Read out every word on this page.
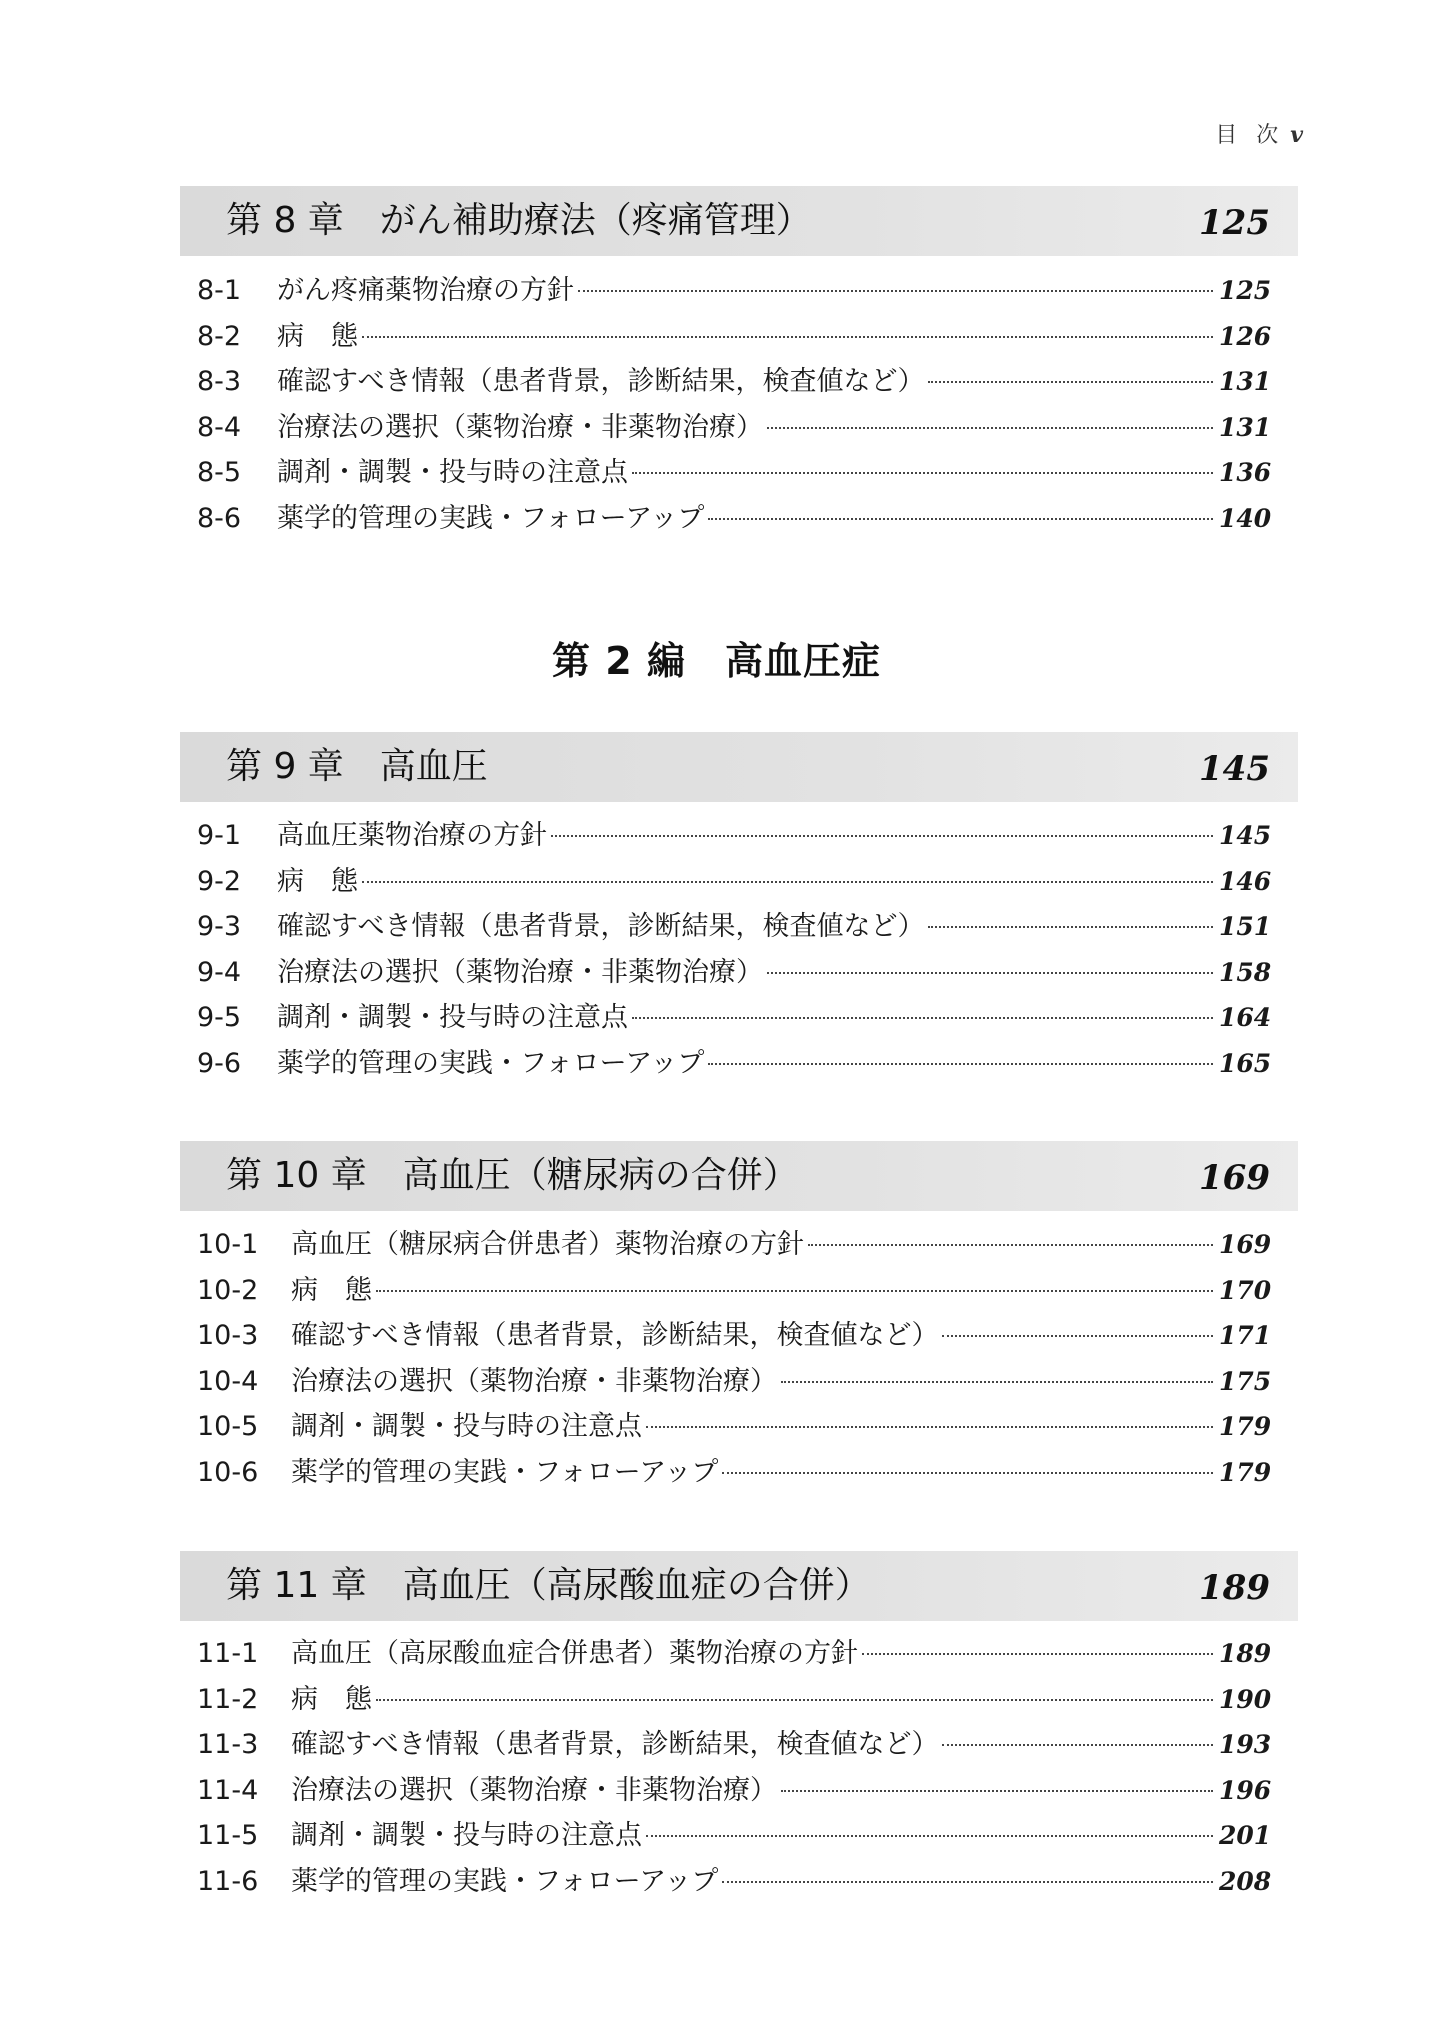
目 次 v
第 8 章　がん補助療法（疼痛管理）	125
8-1	がん疼痛薬物治療の方針	125
8-2	病　態	126
8-3	確認すべき情報（患者背景，診断結果，検査値など）	131
8-4	治療法の選択（薬物治療・非薬物治療）	131
8-5	調剤・調製・投与時の注意点	136
8-6	薬学的管理の実践・フォローアップ	140
第 2 編　高血圧症
第 9 章　高血圧	145
9-1	高血圧薬物治療の方針	145
9-2	病　態	146
9-3	確認すべき情報（患者背景，診断結果，検査値など）	151
9-4	治療法の選択（薬物治療・非薬物治療）	158
9-5	調剤・調製・投与時の注意点	164
9-6	薬学的管理の実践・フォローアップ	165
第 10 章　高血圧（糖尿病の合併）	169
10-1	高血圧（糖尿病合併患者）薬物治療の方針	169
10-2	病　態	170
10-3	確認すべき情報（患者背景，診断結果，検査値など）	171
10-4	治療法の選択（薬物治療・非薬物治療）	175
10-5	調剤・調製・投与時の注意点	179
10-6	薬学的管理の実践・フォローアップ	179
第 11 章　高血圧（高尿酸血症の合併）	189
11-1	高血圧（高尿酸血症合併患者）薬物治療の方針	189
11-2	病　態	190
11-3	確認すべき情報（患者背景，診断結果，検査値など）	193
11-4	治療法の選択（薬物治療・非薬物治療）	196
11-5	調剤・調製・投与時の注意点	201
11-6	薬学的管理の実践・フォローアップ	208
